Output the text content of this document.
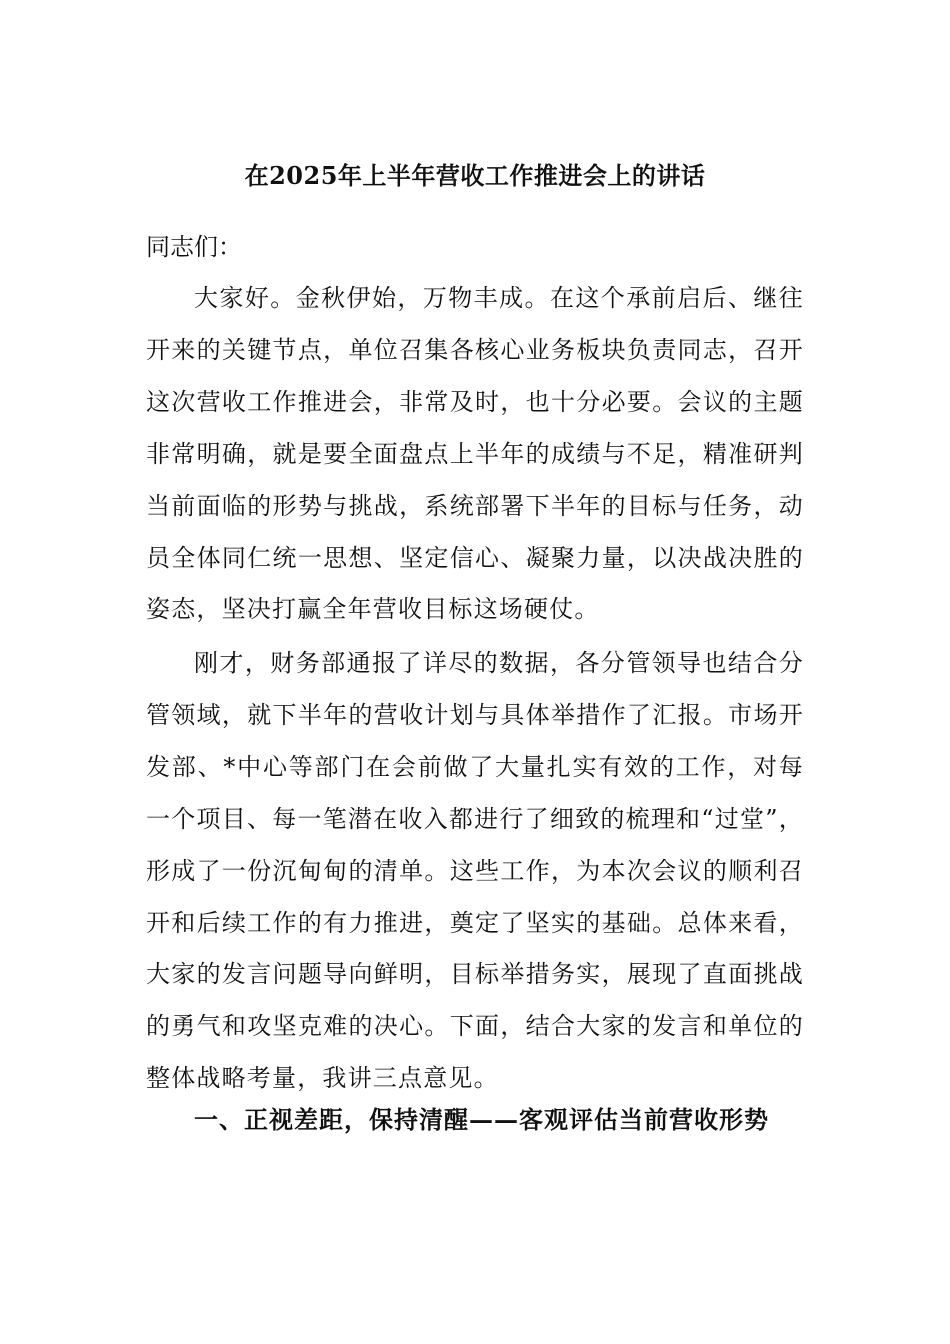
在2025年上半年营收工作推进会上的讲话
同志们：
大家好。金秋伊始，万物丰成。在这个承前启后、继往开来的关键节点，单位召集各核心业务板块负责同志，召开这次营收工作推进会，非常及时，也十分必要。会议的主题非常明确，就是要全面盘点上半年的成绩与不足，精准研判当前面临的形势与挑战，系统部署下半年的目标与任务，动员全体同仁统一思想、坚定信心、凝聚力量，以决战决胜的姿态，坚决打赢全年营收目标这场硬仗。
刚才，财务部通报了详尽的数据，各分管领导也结合分管领域，就下半年的营收计划与具体举措作了汇报。市场开发部、*中心等部门在会前做了大量扎实有效的工作，对每一个项目、每一笔潜在收入都进行了细致的梳理和“过堂”，形成了一份沉甸甸的清单。这些工作，为本次会议的顺利召开和后续工作的有力推进，奠定了坚实的基础。总体来看，大家的发言问题导向鲜明，目标举措务实，展现了直面挑战的勇气和攻坚克难的决心。下面，结合大家的发言和单位的整体战略考量，我讲三点意见。
一、正视差距，保持清醒——客观评估当前营收形势
